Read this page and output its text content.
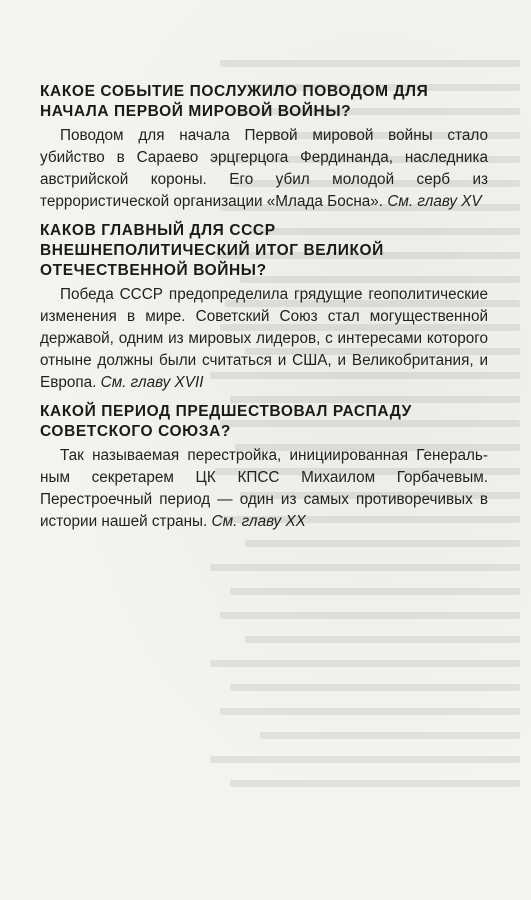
КАКОЕ СОБЫТИЕ ПОСЛУЖИЛО ПОВОДОМ ДЛЯ НАЧАЛА ПЕРВОЙ МИРОВОЙ ВОЙНЫ?

Поводом для начала Первой мировой войны стало убийство в Сараево эрцгерцога Фердинанда, наследника австрийской короны. Его убил молодой серб из террористической организации «Млада Босна». См. главу XV

КАКОВ ГЛАВНЫЙ ДЛЯ СССР ВНЕШНЕПОЛИТИЧЕСКИЙ ИТОГ ВЕЛИКОЙ ОТЕЧЕСТВЕННОЙ ВОЙНЫ?

Победа СССР предопределила грядущие геополитические изменения в мире. Советский Союз стал могущественной державой, одним из мировых лидеров, с интересами которого отныне должны были считаться и США, и Великобритания, и Европа. См. главу XVII

КАКОЙ ПЕРИОД ПРЕДШЕСТВОВАЛ РАСПАДУ СОВЕТСКОГО СОЮЗА?

Так называемая перестройка, инициированная Генеральным секретарем ЦК КПСС Михаилом Горбачевым. Перестроечный период — один из самых противоречивых в истории нашей страны. См. главу XX
